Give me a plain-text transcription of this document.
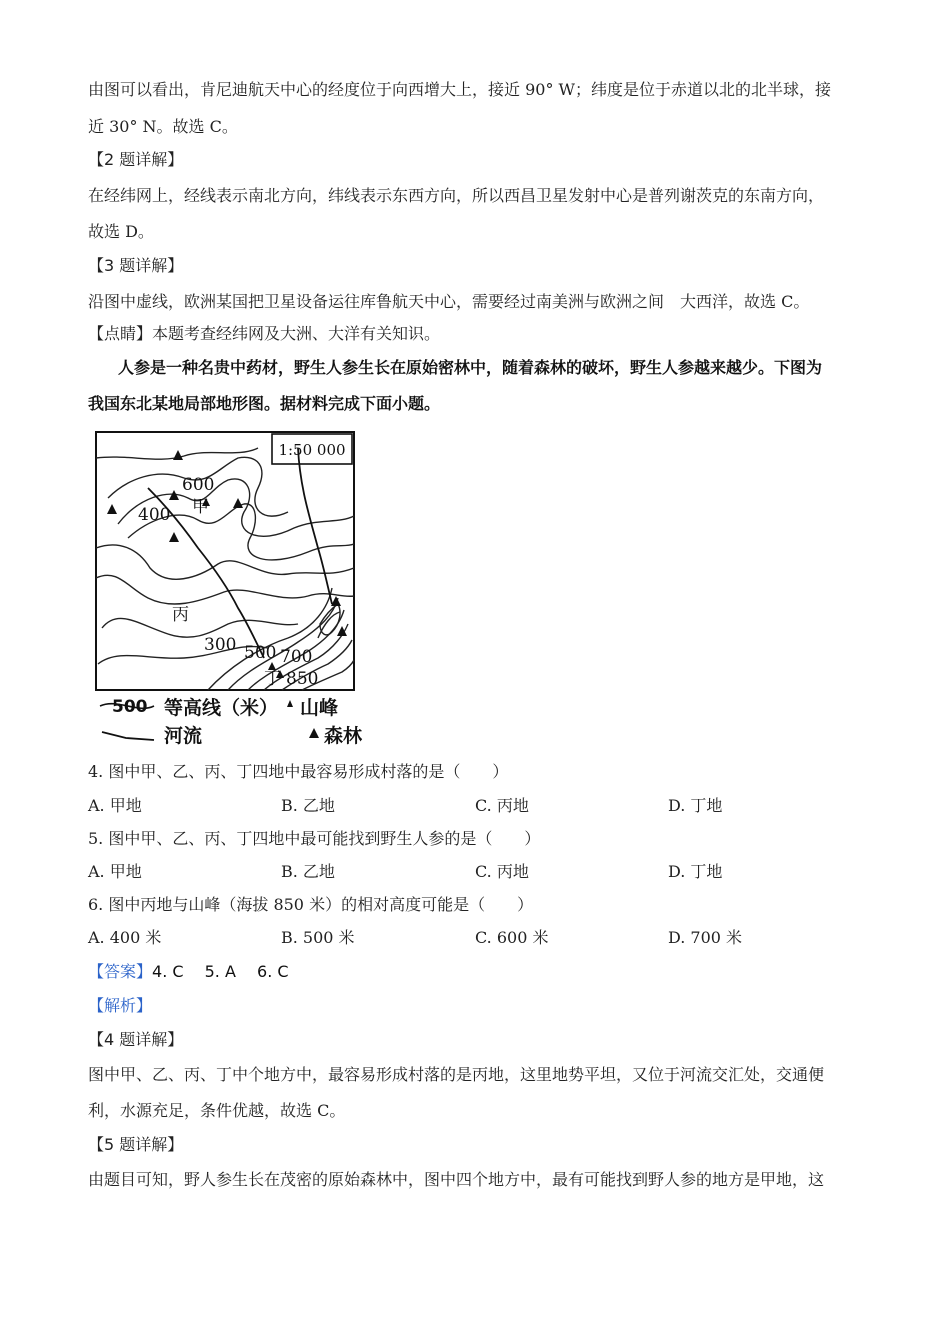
由图可以看出，肯尼迪航天中心的经度位于向西增大上，接近 90° W；纬度是位于赤道以北的北半球，接
近 30° N。故选 C。
【2 题详解】
在经纬网上，经线表示南北方向，纬线表示东西方向，所以西昌卫星发射中心是普列谢茨克的东南方向，
故选 D。
【3 题详解】
沿图中虚线，欧洲某国把卫星设备运往库鲁航天中心，需要经过南美洲与欧洲之间　大西洋，故选 C。
【点睛】本题考查经纬网及大洲、大洋有关知识。
人参是一种名贵中药材，野生人参生长在原始密林中，随着森林的破坏，野生人参越来越少。下图为
我国东北某地局部地形图。据材料完成下面小题。
1:50 000
600
甲
400
丙
300 500 700
丁 850
500 等高线（米） 山峰
河流	森林
4. 图中甲、乙、丙、丁四地中最容易形成村落的是（　　）
A. 甲地	B. 乙地	C. 丙地	D. 丁地
5. 图中甲、乙、丙、丁四地中最可能找到野生人参的是（　　）
A. 甲地	B. 乙地	C. 丙地	D. 丁地
6. 图中丙地与山峰（海拔 850 米）的相对高度可能是（　　）
A. 400 米	B. 500 米	C. 600 米	D. 700 米
【答案】4. C　 5. A　 6. C
【解析】
【4 题详解】
图中甲、乙、丙、丁中个地方中，最容易形成村落的是丙地，这里地势平坦，又位于河流交汇处，交通便
利，水源充足，条件优越，故选 C。
【5 题详解】
由题目可知，野人参生长在茂密的原始森林中，图中四个地方中，最有可能找到野人参的地方是甲地，这
